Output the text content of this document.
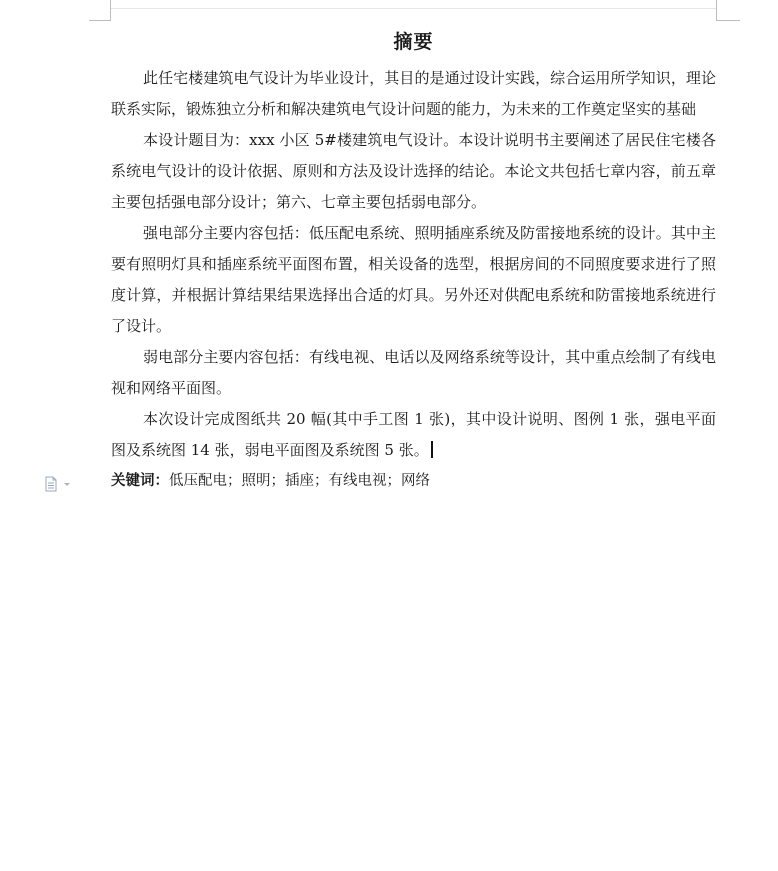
摘要

此任宅楼建筑电气设计为毕业设计，其目的是通过设计实践，综合运用所学知识，理论联系实际，锻炼独立分析和解决建筑电气设计问题的能力，为未来的工作奠定坚实的基础

本设计题目为：xxx 小区 5#楼建筑电气设计。本设计说明书主要阐述了居民住宅楼各系统电气设计的设计依据、原则和方法及设计选择的结论。本论文共包括七章内容，前五章主要包括强电部分设计；第六、七章主要包括弱电部分。

强电部分主要内容包括：低压配电系统、照明插座系统及防雷接地系统的设计。其中主要有照明灯具和插座系统平面图布置，相关设备的选型，根据房间的不同照度要求进行了照度计算，并根据计算结果结果选择出合适的灯具。另外还对供配电系统和防雷接地系统进行了设计。

弱电部分主要内容包括：有线电视、电话以及网络系统等设计，其中重点绘制了有线电视和网络平面图。

本次设计完成图纸共 20 幅(其中手工图 1 张)，其中设计说明、图例 1 张，强电平面图及系统图 14 张，弱电平面图及系统图 5 张。

关键词：低压配电；照明；插座；有线电视；网络
